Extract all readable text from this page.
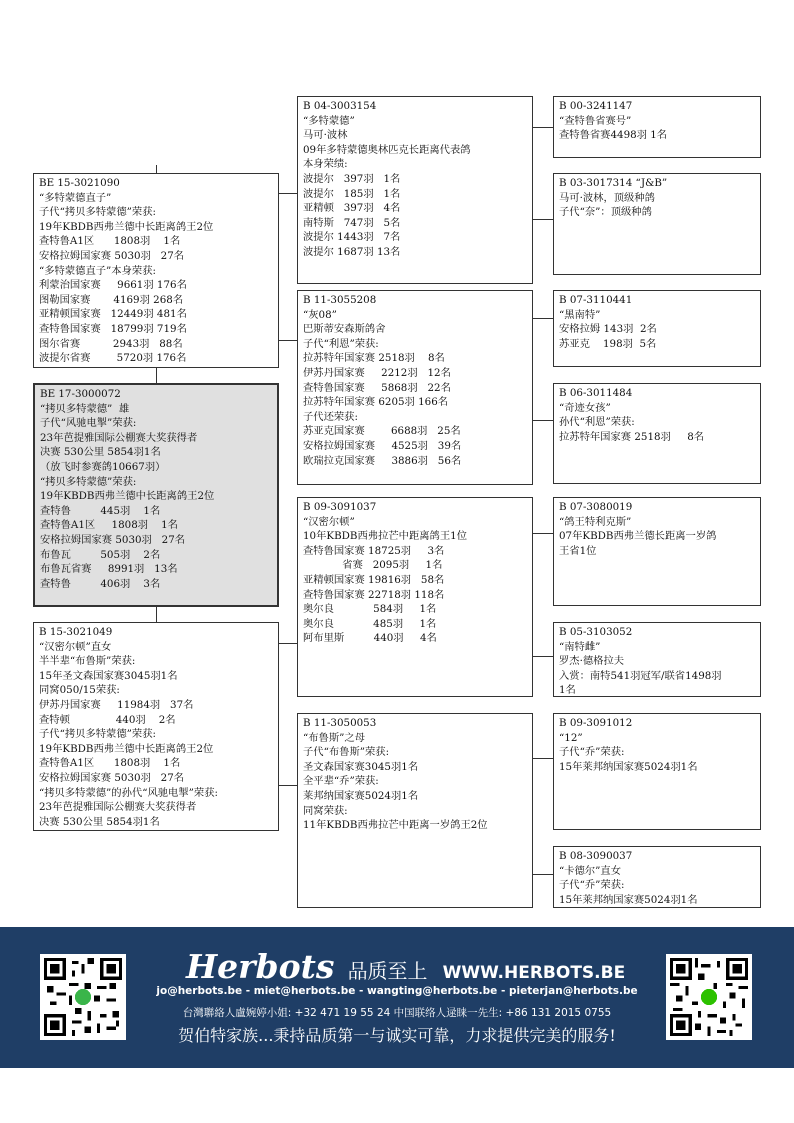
BE 15-3021090
“多特蒙德直子”
子代“拷贝多特蒙德”荣获:
19年KBDB西弗兰德中长距离鸽王2位
查特鲁A1区      1808羽    1名
安格拉姆国家赛 5030羽   27名
“多特蒙德直子”本身荣获:
利蒙治国家赛     9661羽 176名
图勒国家赛       4169羽 268名
亚精顿国家赛   12449羽 481名
查特鲁国家赛   18799羽 719名
图尔省赛          2943羽   88名
波提尔省赛        5720羽 176名
BE 17-3000072
“拷贝多特蒙德”  雄
子代“风驰电掣”荣获:
23年芭提雅国际公棚赛大奖获得者
决赛 530公里 5854羽1名
（放飞时参赛鸽10667羽）
“拷贝多特蒙德”荣获:
19年KBDB西弗兰德中长距离鸽王2位
查特鲁         445羽    1名
查特鲁A1区     1808羽    1名
安格拉姆国家赛 5030羽   27名
布鲁瓦         505羽    2名
布鲁瓦省赛     8991羽   13名
查特鲁         406羽    3名
B 15-3021049
“汉密尔顿”直女
半半辈“布鲁斯”荣获:
15年圣文森国家赛3045羽1名
同窝050/15荣获:
伊苏丹国家赛     11984羽   37名
查特顿              440羽    2名
子代“拷贝多特蒙德”荣获:
19年KBDB西弗兰德中长距离鸽王2位
查特鲁A1区      1808羽    1名
安格拉姆国家赛 5030羽   27名
“拷贝多特蒙德”的孙代“风驰电掣”荣获:
23年芭提雅国际公棚赛大奖获得者
决赛 530公里 5854羽1名
B 04-3003154
“多特蒙德”
马可·波林
09年多特蒙德奥林匹克长距离代表鸽
本身荣绩:
波提尔   397羽   1名
波提尔   185羽   1名
亚精顿   397羽   4名
南特斯   747羽   5名
波提尔 1443羽   7名
波提尔 1687羽 13名
B 11-3055208
“灰08”
巴斯蒂安森斯鸽舍
子代“利恩”荣获:
拉苏特年国家赛 2518羽    8名
伊苏丹国家赛     2212羽   12名
查特鲁国家赛     5868羽   22名
拉苏特年国家赛 6205羽 166名
子代还荣获:
苏亚克国家赛        6688羽   25名
安格拉姆国家赛     4525羽   39名
欧瑞拉克国家赛     3886羽   56名
B 09-3091037
“汉密尔顿”
10年KBDB西弗拉芒中距离鸽王1位
查特鲁国家赛 18725羽     3名
省赛   2095羽     1名
亚精顿国家赛 19816羽   58名
查特鲁国家赛 22718羽 118名
奥尔良            584羽     1名
奥尔良            485羽     1名
阿布里斯         440羽     4名
B 11-3050053
“布鲁斯”之母
子代“布鲁斯”荣获:
圣文森国家赛3045羽1名
全平辈“乔”荣获:
莱邦纳国家赛5024羽1名
同窝荣获:
11年KBDB西弗拉芒中距离一岁鸽王2位
B 00-3241147
“查特鲁省赛号”
查特鲁省赛4498羽 1名
B 03-3017314 “J&B”
马可·波林，顶级种鸽
子代“奈”：顶级种鸽
B 07-3110441
“黑南特”
安格拉姆 143羽  2名
苏亚克    198羽  5名
B 06-3011484
“奇迹女孩”
孙代“利恩”荣获:
拉苏特年国家赛 2518羽     8名
B 07-3080019
“鸽王特利克斯”
07年KBDB西弗兰德长距离一岁鸽
王省1位
B 05-3103052
“南特雌”
罗杰·德格拉夫
入赏：南特541羽冠军/联省1498羽
1名
B 09-3091012
“12”
子代“乔”荣获:
15年莱邦纳国家赛5024羽1名
B 08-3090037
“卡德尔”直女
子代“乔”荣获:
15年莱邦纳国家赛5024羽1名
Herbots 品质至上 WWW.HERBOTS.BE
jo@herbots.be - miet@herbots.be - wangting@herbots.be - pieterjan@herbots.be
台灣聯絡人盧婉婷小姐: +32 471 19 55 24 中国联络人逯睐一先生: +86 131 2015 0755
贺伯特家族...秉持品质第一与诚实可靠，力求提供完美的服务!
